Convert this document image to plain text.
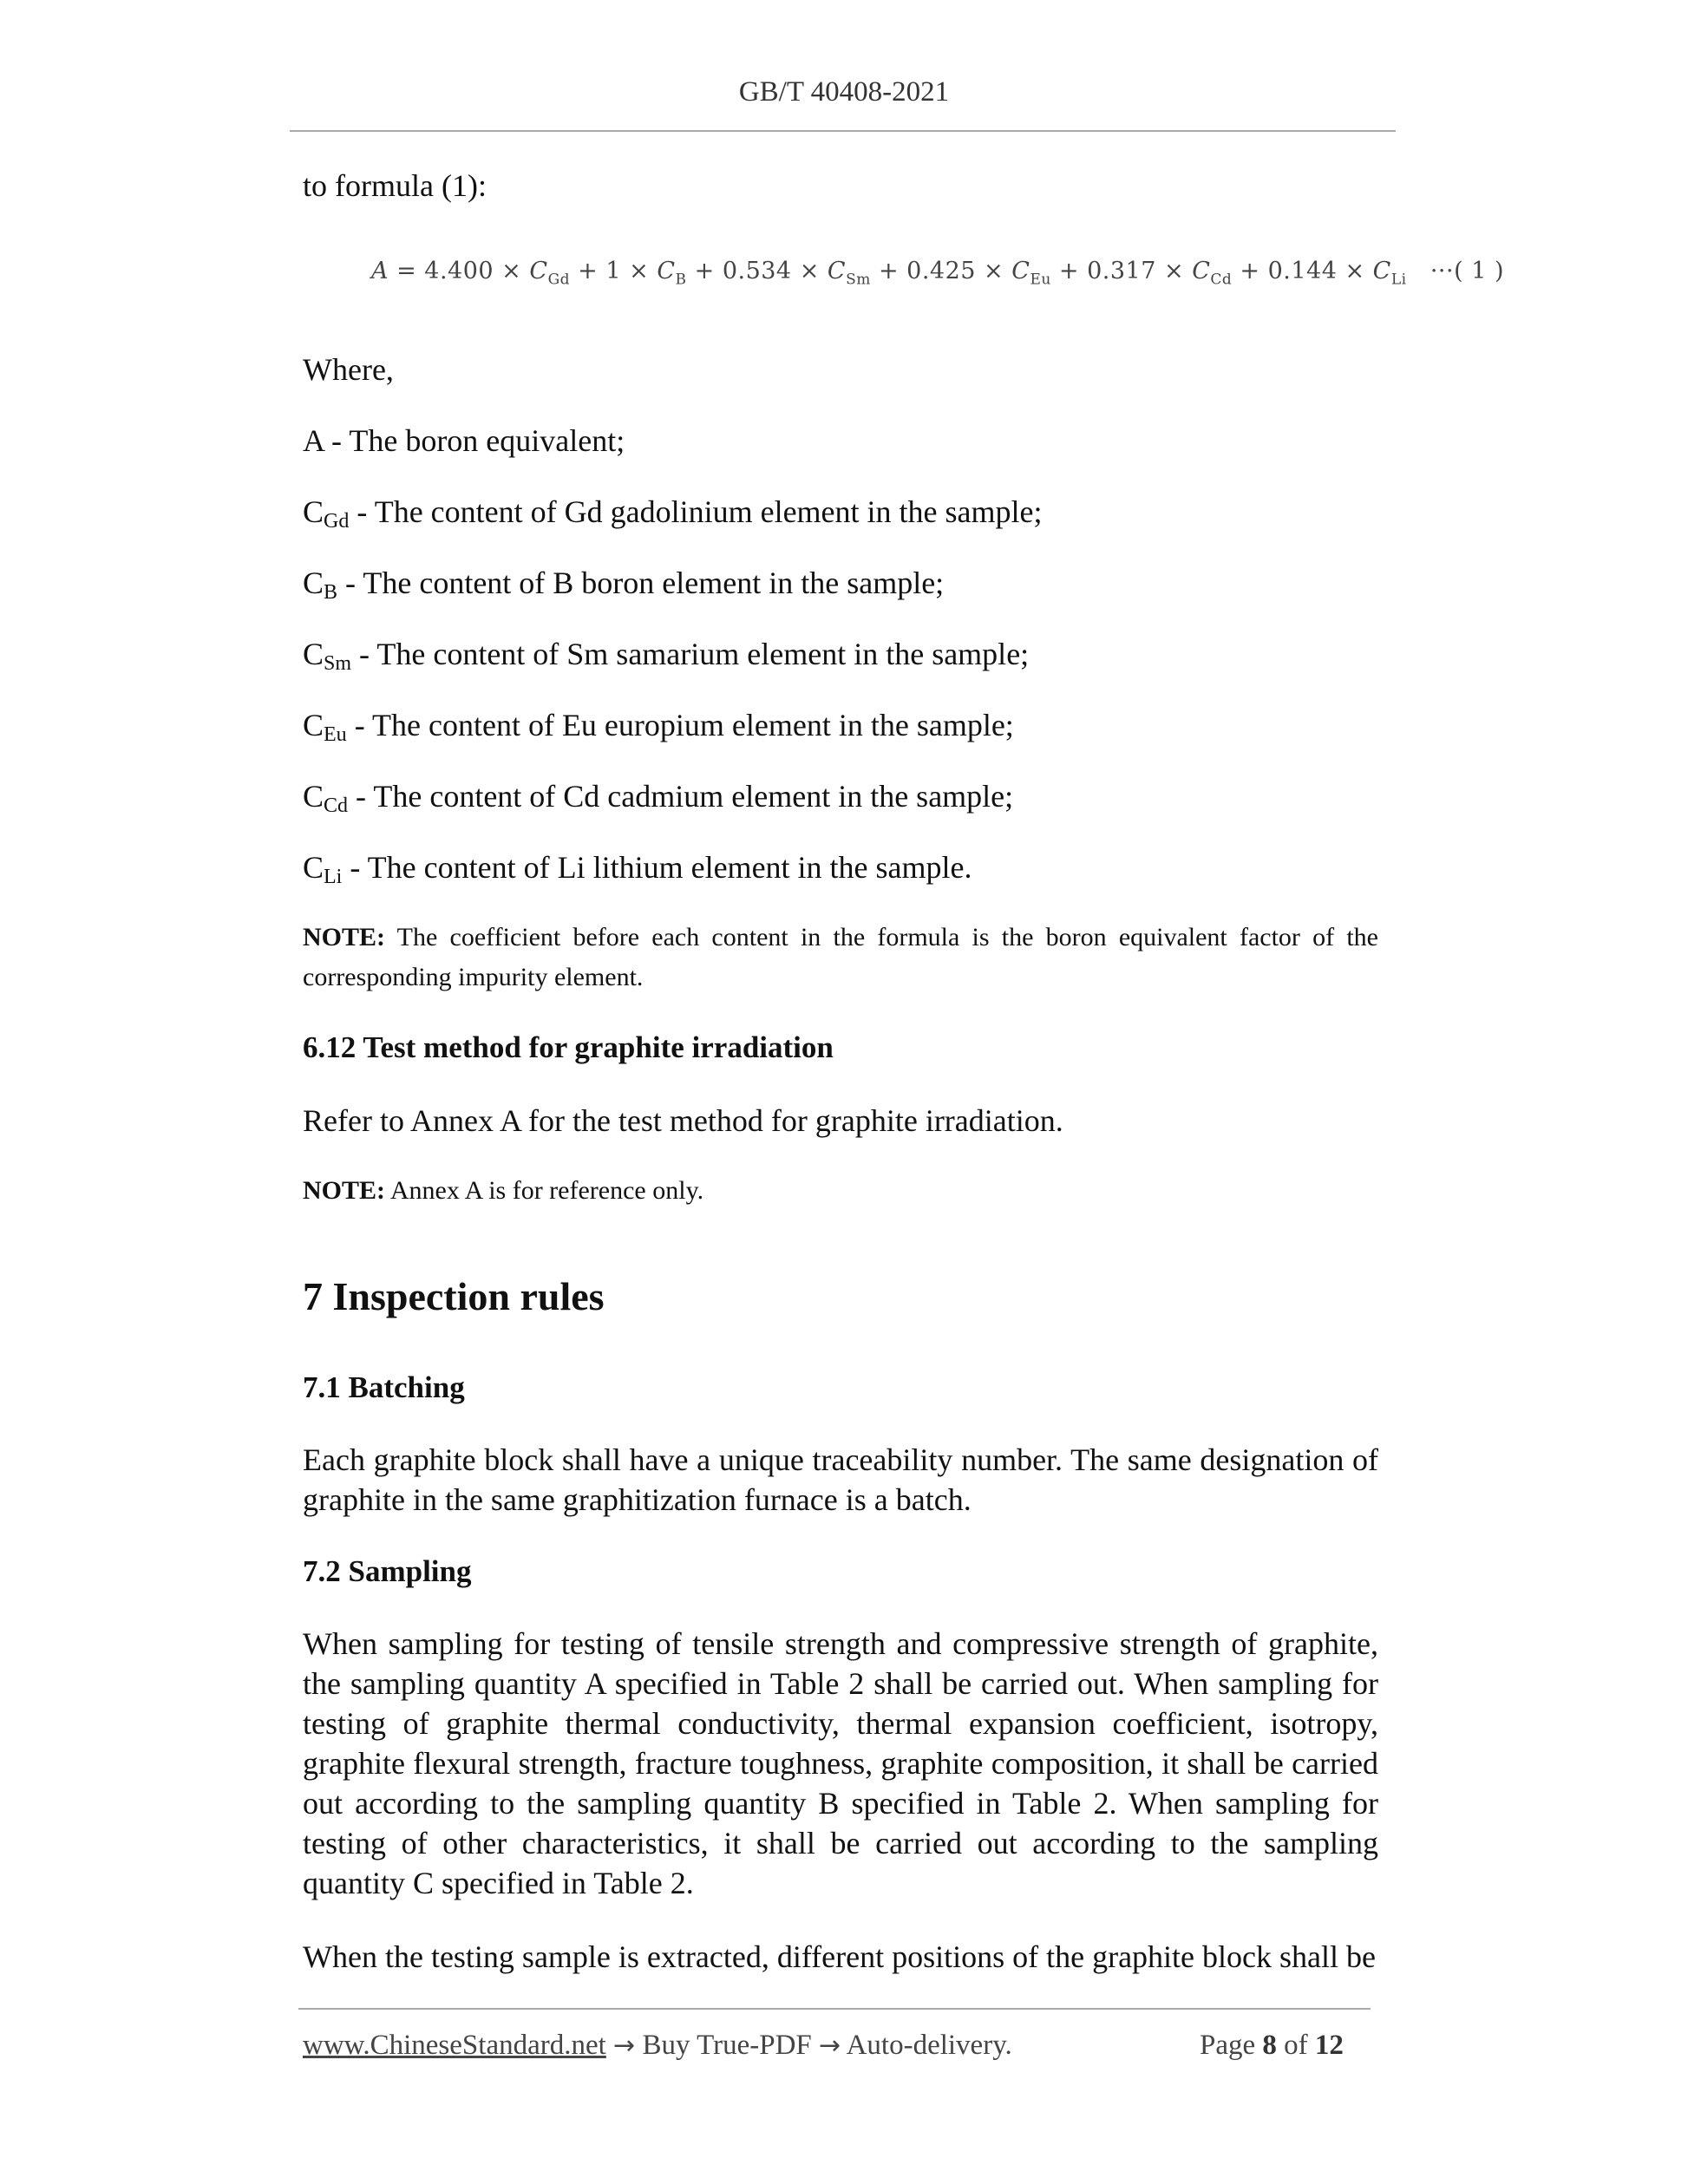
GB/T 40408-2021

to formula (1):

$A = 4.400 \times C_{Gd} + 1 \times C_B + 0.534 \times C_{Sm} + 0.425 \times C_{Eu} + 0.317 \times C_{Cd} + 0.144 \times C_{Li}$ ···( 1 )

Where,

A - The boron equivalent;

CGd - The content of Gd gadolinium element in the sample;

CB - The content of B boron element in the sample;

CSm - The content of Sm samarium element in the sample;

CEu - The content of Eu europium element in the sample;

CCd - The content of Cd cadmium element in the sample;

CLi - The content of Li lithium element in the sample.

NOTE: The coefficient before each content in the formula is the boron equivalent factor of the corresponding impurity element.

6.12 Test method for graphite irradiation

Refer to Annex A for the test method for graphite irradiation.

NOTE: Annex A is for reference only.

7 Inspection rules

7.1 Batching

Each graphite block shall have a unique traceability number. The same designation of graphite in the same graphitization furnace is a batch.

7.2 Sampling

When sampling for testing of tensile strength and compressive strength of graphite, the sampling quantity A specified in Table 2 shall be carried out. When sampling for testing of graphite thermal conductivity, thermal expansion coefficient, isotropy, graphite flexural strength, fracture toughness, graphite composition, it shall be carried out according to the sampling quantity B specified in Table 2. When sampling for testing of other characteristics, it shall be carried out according to the sampling quantity C specified in Table 2.

When the testing sample is extracted, different positions of the graphite block shall be

www.ChineseStandard.net → Buy True-PDF → Auto-delivery.	Page 8 of 12
